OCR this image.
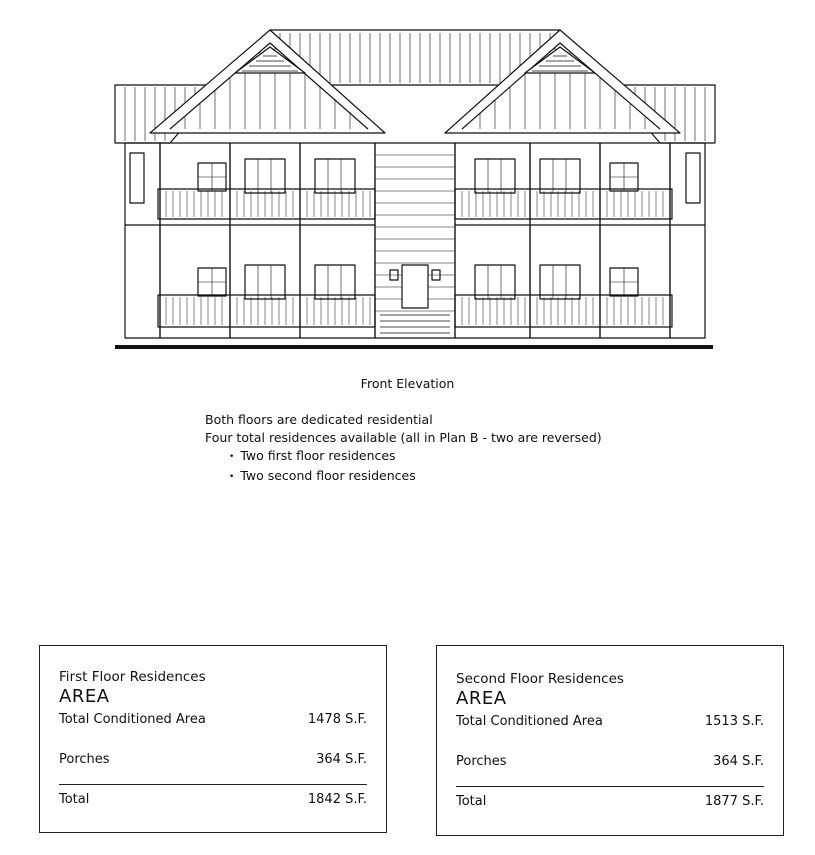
Front Elevation
Both floors are dedicated residential
Four total residences available (all in Plan B - two are reversed)
• Two first floor residences
• Two second floor residences
First Floor Residences
AREA
Total Conditioned Area	1478 S.F.
Porches	364 S.F.
Total	1842 S.F.
Second Floor Residences
AREA
Total Conditioned Area	1513 S.F.
Porches	364 S.F.
Total	1877 S.F.
